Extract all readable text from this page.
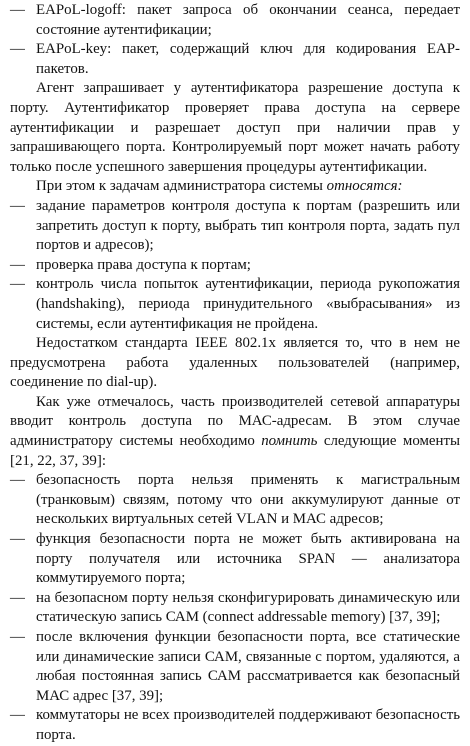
— EAPoL-logoff: пакет запроса об окончании сеанса, передает состояние аутентификации;
— EAPoL-key: пакет, содержащий ключ для кодирования EAP-пакетов.

Агент запрашивает у аутентификатора разрешение доступа к порту. Аутентификатор проверяет права доступа на сервере аутентификации и разрешает доступ при наличии прав у запрашивающего порта. Контролируемый порт может начать работу только после успешного завершения процедуры аутентификации.

При этом к задачам администратора системы относятся:

— задание параметров контроля доступа к портам (разрешить или запретить доступ к порту, выбрать тип контроля порта, задать пул портов и адресов);
— проверка права доступа к портам;
— контроль числа попыток аутентификации, периода рукопожатия (handshaking), периода принудительного «выбрасывания» из системы, если аутентификация не пройдена.

Недостатком стандарта IEEE 802.1x является то, что в нем не предусмотрена работа удаленных пользователей (например, соединение по dial-up).

Как уже отмечалось, часть производителей сетевой аппаратуры вводит контроль доступа по МАС-адресам. В этом случае администратору системы необходимо помнить следующие моменты [21, 22, 37, 39]:

— безопасность порта нельзя применять к магистральным (транковым) связям, потому что они аккумулируют данные от нескольких виртуальных сетей VLAN и МАС адресов;
— функция безопасности порта не может быть активирована на порту получателя или источника SPAN — анализатора коммутируемого порта;
— на безопасном порту нельзя сконфигурировать динамическую или статическую запись САМ (connect addressable memory) [37, 39];
— после включения функции безопасности порта, все статические или динамические записи САМ, связанные с портом, удаляются, а любая постоянная запись САМ рассматривается как безопасный МАС адрес [37, 39];
— коммутаторы не всех производителей поддерживают безопасность порта.
